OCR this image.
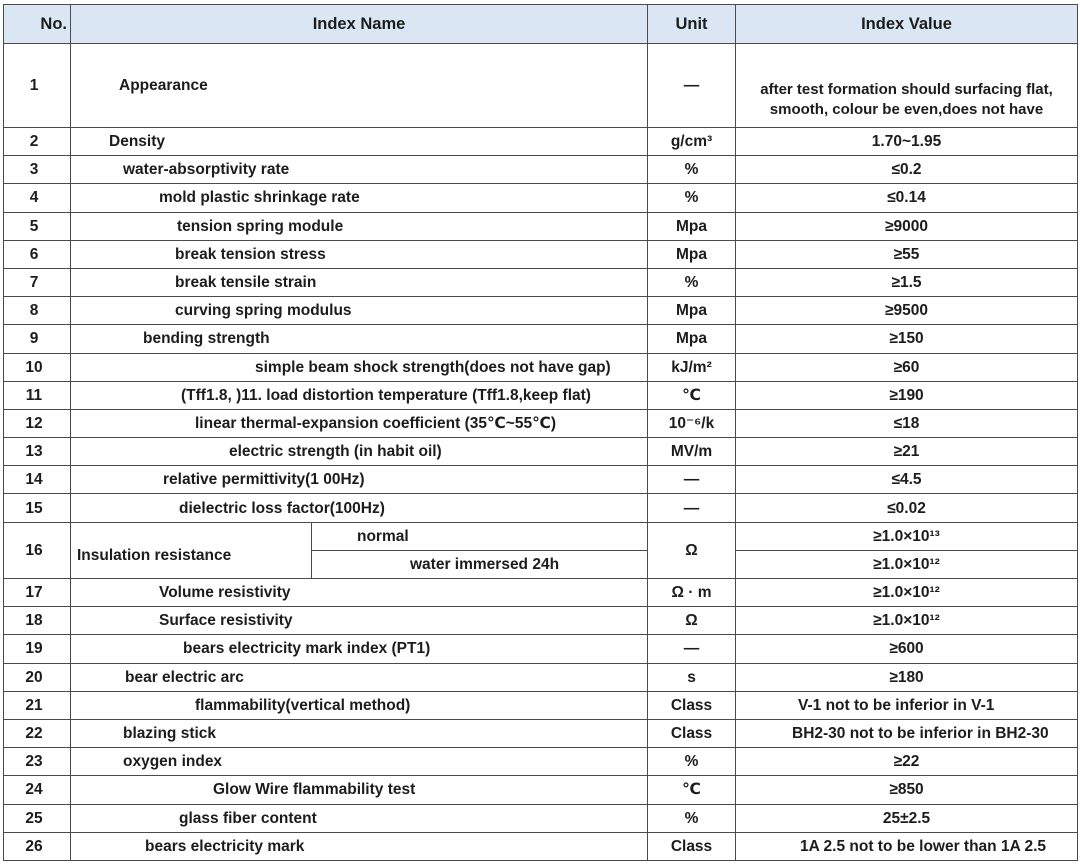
No.	Index Name		Unit	Index Value
1	Appearance		—	after test formation should surfacing flat, smooth, colour be even,does not have
2	Density		g/cm³	1.70~1.95
3	water-absorptivity rate		%	≤0.2
4	mold plastic shrinkage rate		%	≤0.14
5	tension spring module		Mpa	≥9000
6	break tension stress		Mpa	≥55
7	break tensile strain		%	≥1.5
8	curving spring modulus		Mpa	≥9500
9	bending strength		Mpa	≥150
10	simple beam shock strength(does not have gap)		kJ/m²	≥60
11	(Tff1.8, )11. load distortion temperature (Tff1.8,keep flat)		℃	≥190
12	linear thermal-expansion coefficient (35℃~55℃)		10⁻⁶/k	≤18
13	electric strength (in habit oil)		MV/m	≥21
14	relative permittivity(1 00Hz)		—	≤4.5
15	dielectric loss factor(100Hz)		—	≤0.02
16	Insulation resistance	normal	Ω	≥1.0×10¹³
		water immersed 24h		≥1.0×10¹²
17	Volume resistivity		Ω · m	≥1.0×10¹²
18	Surface resistivity		Ω	≥1.0×10¹²
19	bears electricity mark index (PT1)		—	≥600
20	bear electric arc		s	≥180
21	flammability(vertical method)		Class	V-1 not to be inferior in V-1
22	blazing stick		Class	BH2-30 not to be inferior in BH2-30
23	oxygen index		%	≥22
24	Glow Wire flammability test		℃	≥850
25	glass fiber content		%	25±2.5
26	bears electricity mark		Class	1A 2.5 not to be lower than 1A 2.5
